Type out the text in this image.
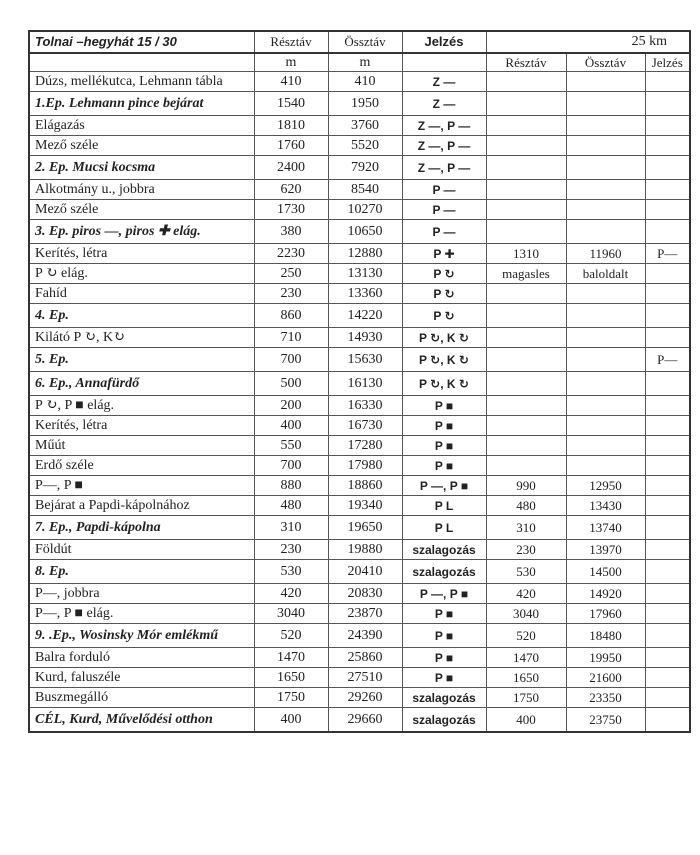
Tolnai –hegyhát 15 / 30	Résztáv	Össztáv	Jelzés	25 km		
	m	m		Résztáv	Össztáv	Jelzés
Dúzs, mellékutca, Lehmann tábla	410	410	Z —			
1.Ep. Lehmann pince bejárat	1540	1950	Z —			
Elágazás	1810	3760	Z —, P —			
Mező széle	1760	5520	Z —, P —			
2. Ep. Mucsi kocsma	2400	7920	Z —, P —			
Alkotmány u., jobbra	620	8540	P —			
Mező széle	1730	10270	P —			
3. Ep. piros —, piros ✚ elág.	380	10650	P —			
Kerítés, létra	2230	12880	P ✚	1310	11960	P—
P ↻ elág.	250	13130	P ↻	magasles	baloldalt	
Fahíd	230	13360	P ↻			
4. Ep.	860	14220	P ↻			
Kilátó P ↻, K↻	710	14930	P ↻, K ↻			
5. Ep.	700	15630	P ↻, K ↻			P—
6. Ep., Annafürdő	500	16130	P ↻, K ↻			
P ↻, P ■ elág.	200	16330	P ■			
Kerítés, létra	400	16730	P ■			
Műút	550	17280	P ■			
Erdő széle	700	17980	P ■			
P—, P ■	880	18860	P —, P ■	990	12950	
Bejárat a Papdi-kápolnához	480	19340	P L	480	13430	
7. Ep., Papdi-kápolna	310	19650	P L	310	13740	
Földút	230	19880	szalagozás	230	13970	
8. Ep.	530	20410	szalagozás	530	14500	
P—, jobbra	420	20830	P —, P ■	420	14920	
P—, P ■ elág.	3040	23870	P ■	3040	17960	
9. .Ep., Wosinsky Mór emlékmű	520	24390	P ■	520	18480	
Balra forduló	1470	25860	P ■	1470	19950	
Kurd, faluszéle	1650	27510	P ■	1650	21600	
Buszmegálló	1750	29260	szalagozás	1750	23350	
CÉL, Kurd, Művelődési otthon	400	29660	szalagozás	400	23750	
